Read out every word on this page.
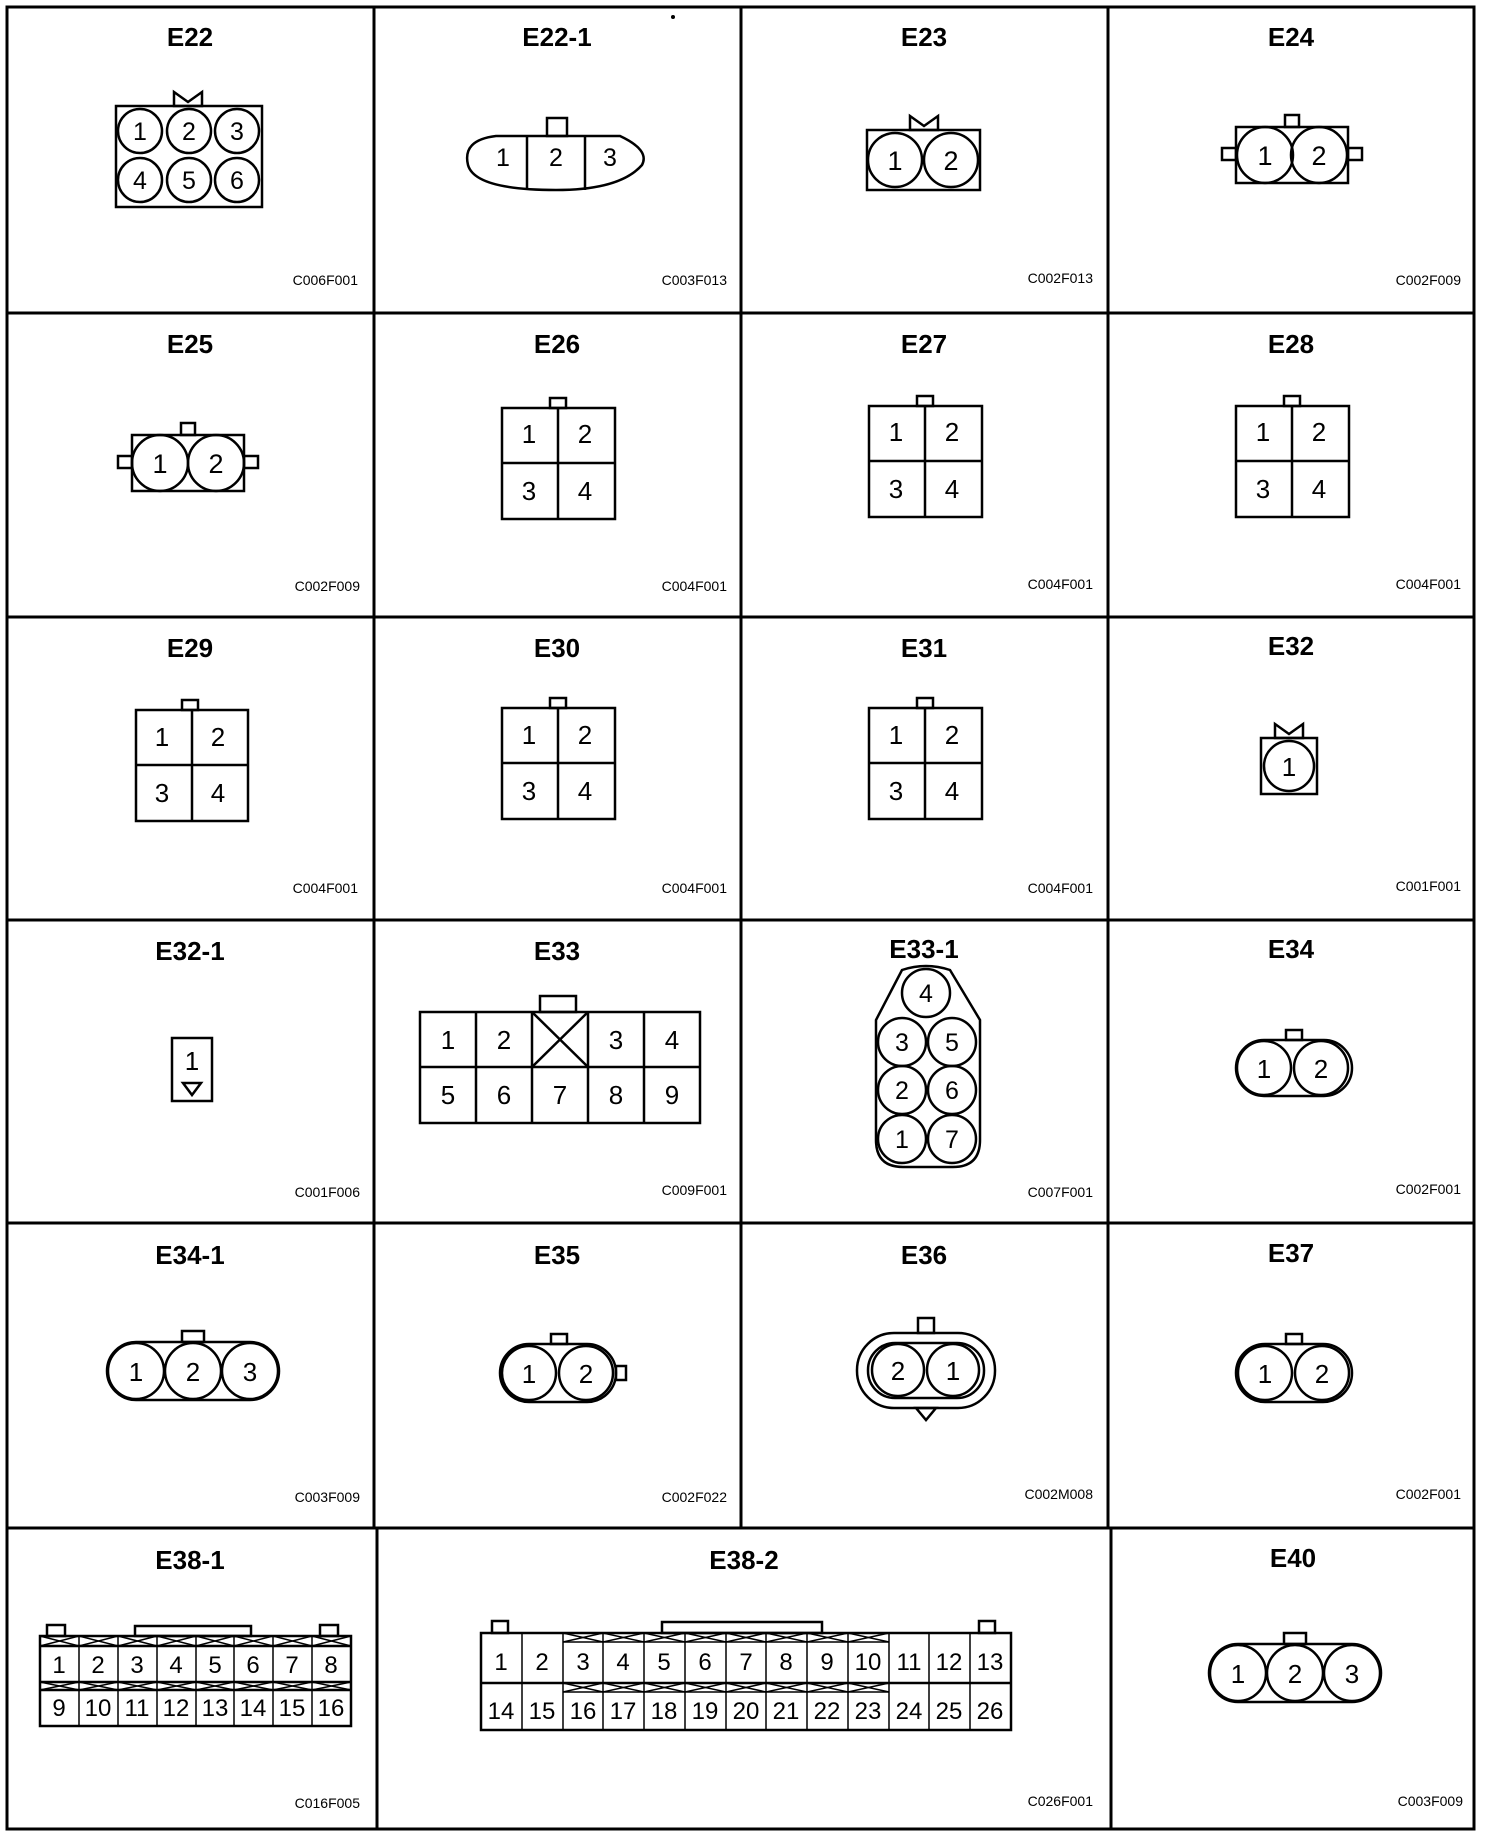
E22
C006F001
E22-1
C003F013
E23
C002F013
E24
C002F009
E25
C002F009
E26
C004F001
E27
C004F001
E28
C004F001
E29
C004F001
E30
C004F001
E31
C004F001
E32
C001F001
E32-1
C001F006
E33
C009F001
E33-1
C007F001
E34
C002F001
E34-1
C003F009
E35
C002F022
E36
C002M008
E37
C002F001
E38-1
C016F005
E38-2
C026F001
E40
C003F009
1 2 3
4 5 6
1 2 3	1 2	1 2
1 2
1 2
3 4
1 2
3 4
1 2
3 4
1 2
3 4
1 2
3 4
1 2
3 4
1
1
1 2	3 4
5 6 7 8 9
4
3 5
2 6
1 7
1 2
1 2 3	1 2	2 1	1 2
1 2 3 4 5 6 7 8
9 10 11 12 13 14 15 16
1 2 3 4 5 6 7 8 9 10 11 12 13
14 15 16 17 18 19 20 21 22 23 24 25 26
1 2 3
